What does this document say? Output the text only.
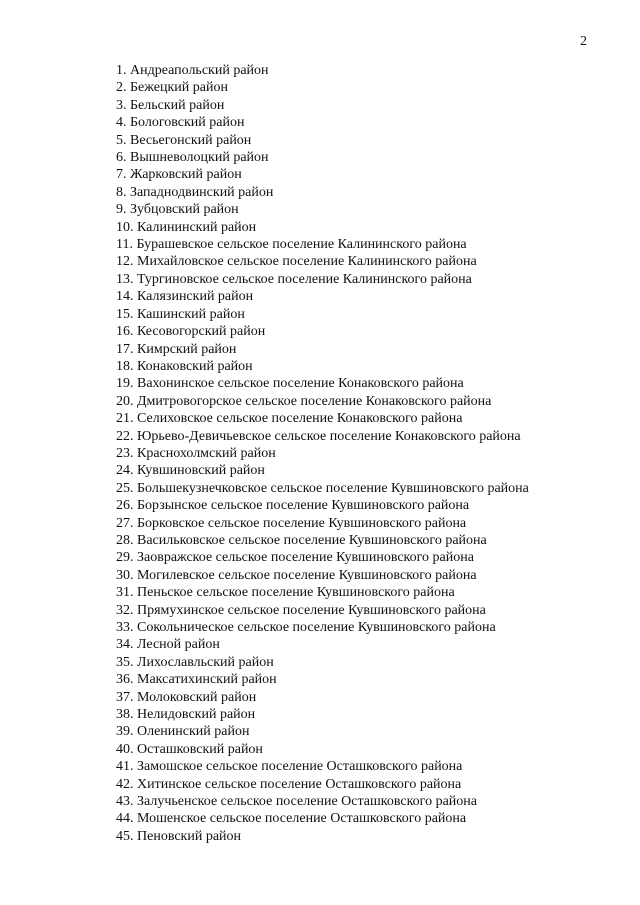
2
1. Андреапольский район
2. Бежецкий район
3. Бельский район
4. Бологовский район
5. Весьегонский район
6. Вышневолоцкий район
7. Жарковский район
8. Западнодвинский район
9. Зубцовский район
10. Калининский район
11. Бурашевское сельское поселение Калининского района
12. Михайловское сельское поселение Калининского района
13. Тургиновское сельское поселение Калининского района
14. Калязинский район
15. Кашинский район
16. Кесовогорский район
17. Кимрский район
18. Конаковский район
19. Вахонинское сельское поселение Конаковского района
20. Дмитровогорское сельское поселение Конаковского района
21. Селиховское сельское поселение Конаковского района
22. Юрьево-Девичьевское сельское поселение Конаковского района
23. Краснохолмский район
24. Кувшиновский район
25. Большекузнечковское сельское поселение Кувшиновского района
26. Борзынское сельское поселение Кувшиновского района
27. Борковское сельское поселение Кувшиновского района
28. Васильковское сельское поселение Кувшиновского района
29. Заовражское сельское поселение Кувшиновского района
30. Могилевское сельское поселение Кувшиновского района
31. Пеньское сельское поселение Кувшиновского района
32. Прямухинское сельское поселение Кувшиновского района
33. Сокольническое сельское поселение Кувшиновского района
34. Лесной район
35. Лихославльский район
36. Максатихинский район
37. Молоковский район
38. Нелидовский район
39. Оленинский район
40. Осташковский район
41. Замошское сельское поселение Осташковского района
42. Хитинское сельское поселение Осташковского района
43. Залучьенское сельское поселение Осташковского района
44. Мошенское сельское поселение Осташковского района
45. Пеновский район
